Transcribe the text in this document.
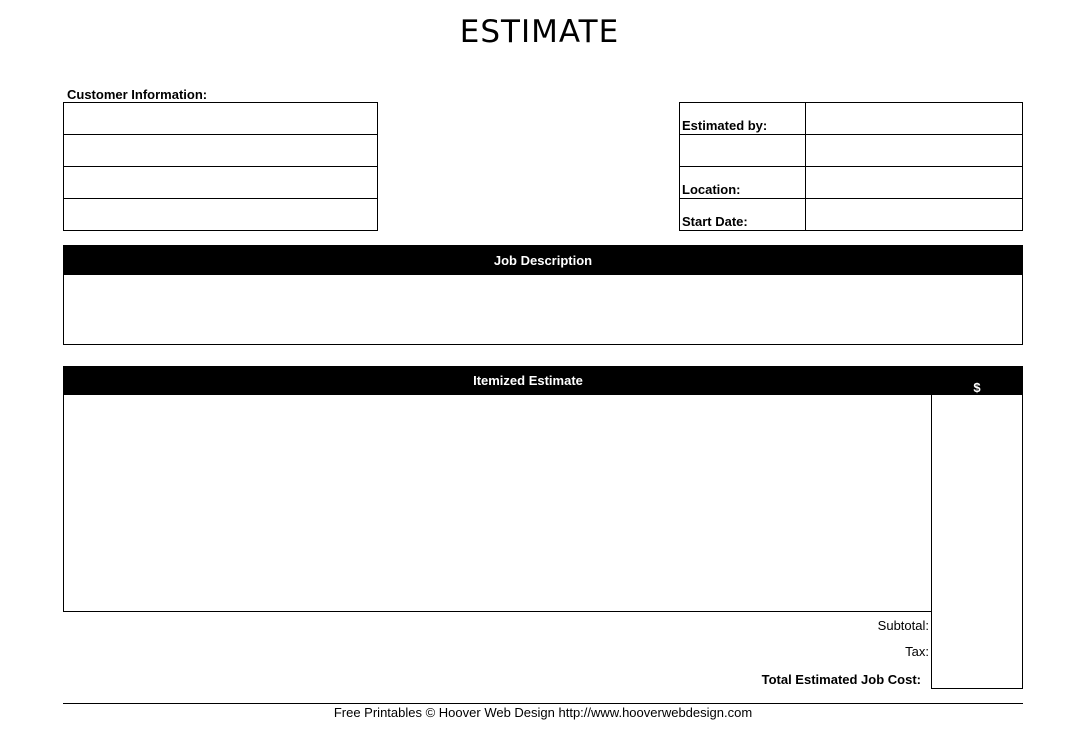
ESTIMATE
Customer Information:
Estimated by:
Location:
Start Date:
Job Description
Itemized Estimate	$
Subtotal:
Tax:
Total Estimated Job Cost:
Free Printables © Hoover Web Design http://www.hooverwebdesign.com
